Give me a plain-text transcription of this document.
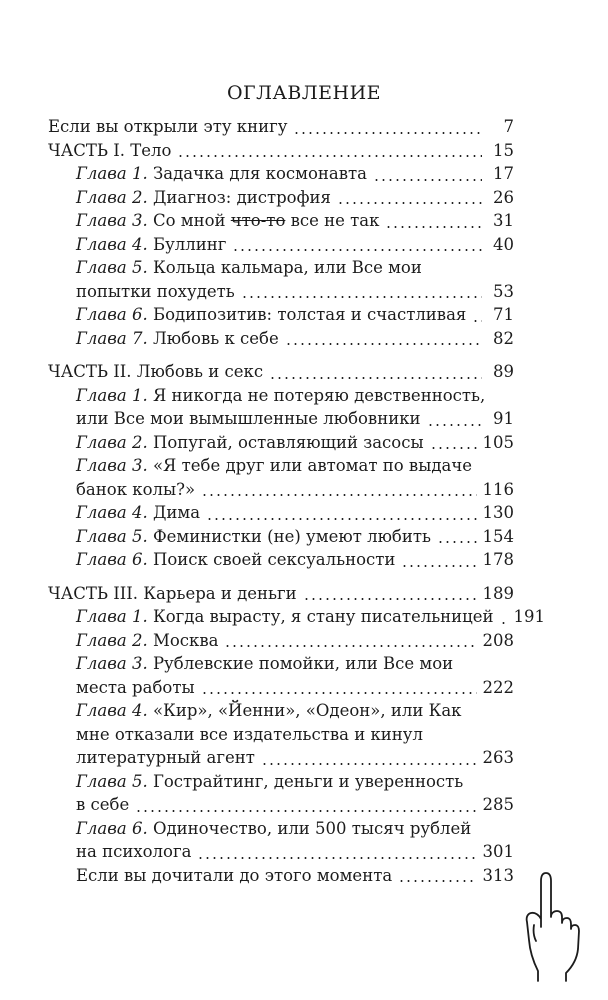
ОГЛАВЛЕНИЕ
Если вы открыли эту книгу	7
ЧАСТЬ I. Тело	15
Глава 1. Задачка для космонавта	17
Глава 2. Диагноз: дистрофия	26
Глава 3. Со мной что-то все не так	31
Глава 4. Буллинг	40
Глава 5. Кольца кальмара, или Все мои
попытки похудеть	53
Глава 6. Бодипозитив: толстая и счастливая	71
Глава 7. Любовь к себе	82
ЧАСТЬ II. Любовь и секс	89
Глава 1. Я никогда не потеряю девственность,
или Все мои вымышленные любовники	91
Глава 2. Попугай, оставляющий засосы	105
Глава 3. «Я тебе друг или автомат по выдаче
банок колы?»	116
Глава 4. Дима	130
Глава 5. Феминистки (не) умеют любить	154
Глава 6. Поиск своей сексуальности	178
ЧАСТЬ III. Карьера и деньги	189
Глава 1. Когда вырасту, я стану писательницей 191
Глава 2. Москва	208
Глава 3. Рублевские помойки, или Все мои
места работы	222
Глава 4. «Кир», «Йенни», «Одеон», или Как
мне отказали все издательства и кинул
литературный агент	263
Глава 5. Гострайтинг, деньги и уверенность
в себе	285
Глава 6. Одиночество, или 500 тысяч рублей
на психолога	301
Если вы дочитали до этого момента	313
